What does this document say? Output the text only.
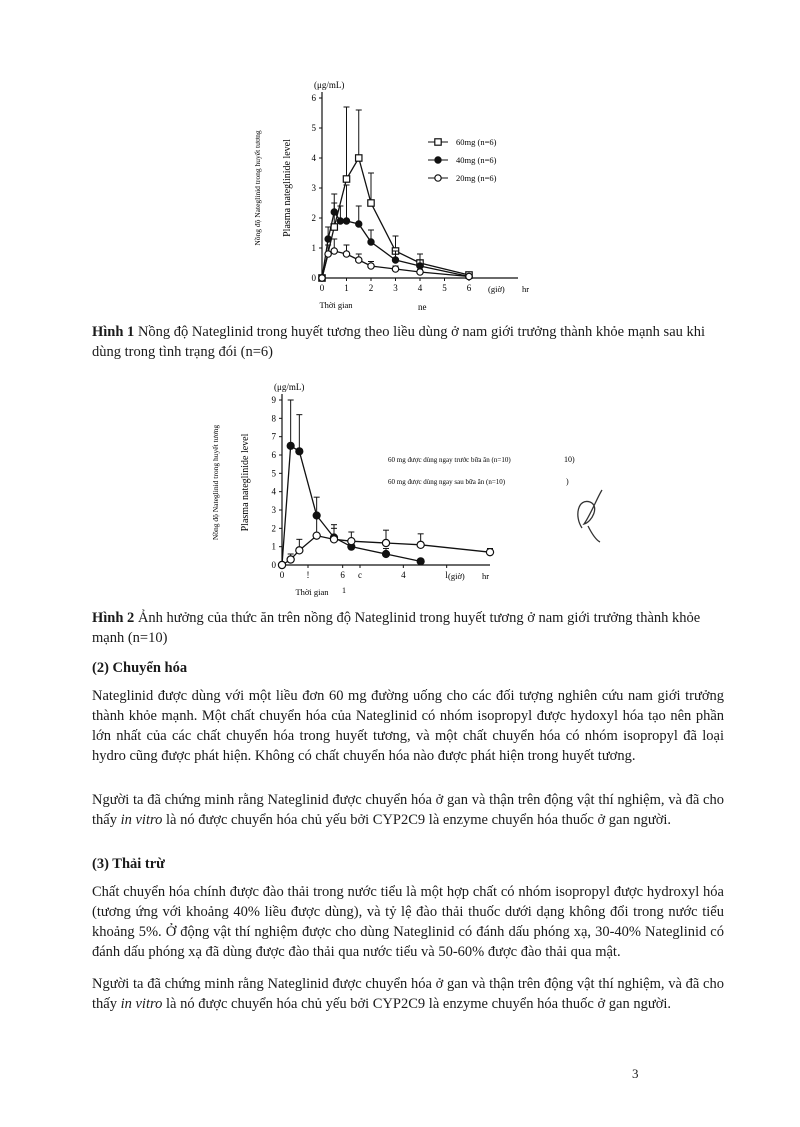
0
1
2
3
4
5
6
0 1 2 3 4 5 6
(μg/mL)
Plasma nateglinide level
Nồng độ Nateglinid trong huyết tương
(giờ) hr
Thời gian
60mg (n=6)
40mg (n=6)
20mg (n=6)
ne
Hình 1 Nồng độ Nateglinid trong huyết tương theo liều dùng ở nam giới trưởng thành khỏe mạnh sau khi dùng trong tình trạng đói (n=6)
0
1
2
3
4
5
6
7
8
9
0 !	6 c	4	l
(μg/mL)
Plasma nateglinide level
Nồng độ Nateglinid trong huyết tương
(giờ) hr
Thời gian
60 mg được dùng ngay trước bữa ăn (n=10)
60 mg được dùng ngay sau bữa ăn (n=10)
10)
)
1
Hình 2 Ảnh hưởng của thức ăn trên nồng độ Nateglinid trong huyết tương ở nam giới trưởng thành khỏe mạnh (n=10)
(2) Chuyển hóa
Nateglinid được dùng với một liều đơn 60 mg đường uống cho các đối tượng nghiên cứu nam giới trưởng thành khỏe mạnh. Một chất chuyển hóa của Nateglinid có nhóm isopropyl được hydoxyl hóa tạo nên phần lớn nhất của các chất chuyển hóa trong huyết tương, và một chất chuyển hóa có nhóm isopropyl đã loại hydro cũng được phát hiện. Không có chất chuyển hóa nào được phát hiện trong huyết tương.
Người ta đã chứng minh rằng Nateglinid được chuyển hóa ở gan và thận trên động vật thí nghiệm, và đã cho thấy in vitro là nó được chuyển hóa chủ yếu bởi CYP2C9 là enzyme chuyển hóa thuốc ở gan người.
(3) Thải trừ
Chất chuyển hóa chính được đào thải trong nước tiểu là một hợp chất có nhóm isopropyl được hydroxyl hóa (tương ứng với khoảng 40% liều được dùng), và tỷ lệ đào thải thuốc dưới dạng không đổi trong nước tiểu khoảng 5%. Ở động vật thí nghiệm được cho dùng Nateglinid có đánh dấu phóng xạ, 30-40% Nateglinid có đánh dấu phóng xạ đã dùng được đào thải qua nước tiểu và 50-60% được đào thải qua mật.
Người ta đã chứng minh rằng Nateglinid được chuyển hóa ở gan và thận trên động vật thí nghiệm, và đã cho thấy in vitro là nó được chuyển hóa chủ yếu bởi CYP2C9 là enzyme chuyển hóa thuốc ở gan người.
3
